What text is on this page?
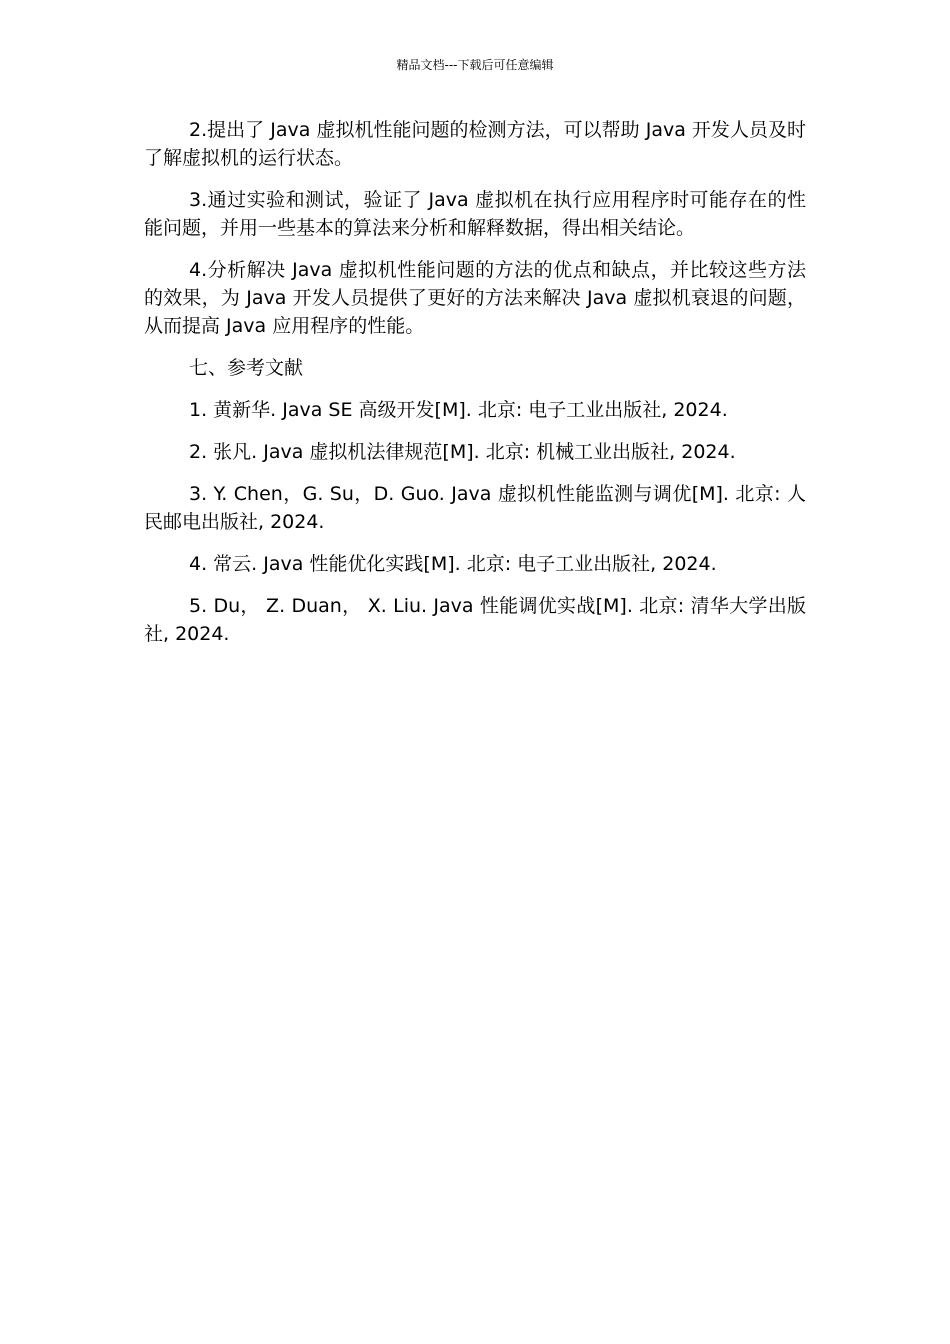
精品文档---下载后可任意编辑

2.提出了 Java 虚拟机性能问题的检测方法，可以帮助 Java 开发人员及时了解虚拟机的运行状态。

3.通过实验和测试，验证了 Java 虚拟机在执行应用程序时可能存在的性能问题，并用一些基本的算法来分析和解释数据，得出相关结论。

4.分析解决 Java 虚拟机性能问题的方法的优点和缺点，并比较这些方法的效果，为 Java 开发人员提供了更好的方法来解决 Java 虚拟机衰退的问题，从而提高 Java 应用程序的性能。

七、参考文献

1. 黄新华. Java SE 高级开发[M]. 北京: 电子工业出版社, 2024.

2. 张凡. Java 虚拟机法律规范[M]. 北京: 机械工业出版社, 2024.

3. Y. Chen，G. Su，D. Guo. Java 虚拟机性能监测与调优[M]. 北京: 人民邮电出版社, 2024.

4. 常云. Java 性能优化实践[M]. 北京: 电子工业出版社, 2024.

5. Du， Z. Duan， X. Liu. Java 性能调优实战[M]. 北京: 清华大学出版社, 2024.
